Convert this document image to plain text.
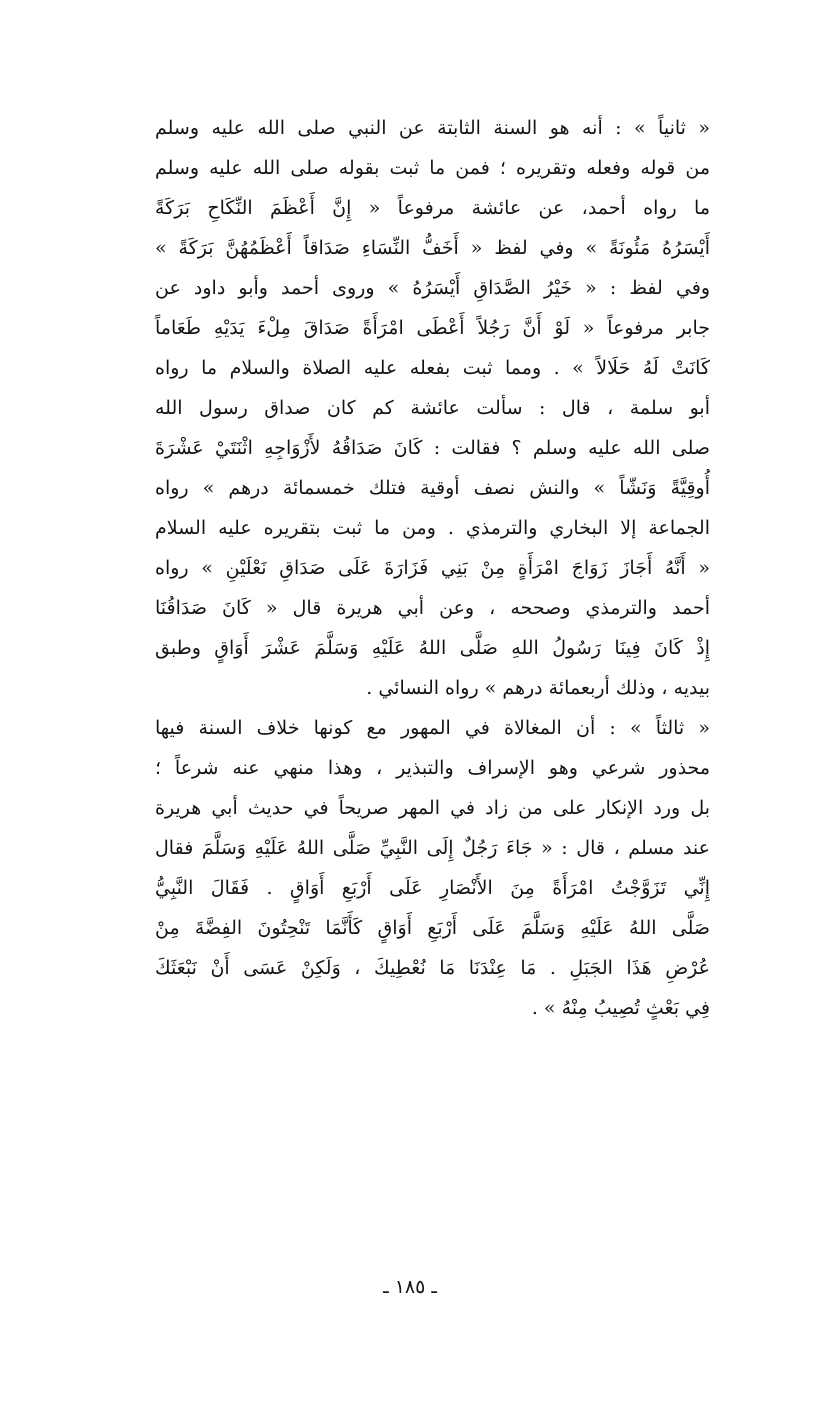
« ثانياً » : أنه هو السنة الثابتة عن النبي صلى الله عليه وسلم
من قوله وفعله وتقريره ؛ فمن ما ثبت بقوله صلى الله عليه وسلم
ما رواه أحمد، عن عائشة مرفوعاً « إِنَّ أَعْظَمَ النِّكَاحِ بَرَكَةً
أَيْسَرُهُ مَئُونَةً » وفي لفظ « أَخَفُّ النِّسَاءِ صَدَاقاً أَعْظَمُهُنَّ بَرَكَةً »
وفي لفظ : « خَيْرُ الصَّدَاقِ أَيْسَرُهُ » وروى أحمد وأبو داود عن
جابر مرفوعاً « لَوْ أَنَّ رَجُلاً أَعْطَى امْرَأَةً صَدَاقَ مِلْءَ يَدَيْهِ طَعَاماً
كَانَتْ لَهُ حَلَالاً » . ومما ثبت بفعله عليه الصلاة والسلام ما رواه
أبو سلمة ، قال : سألت عائشة كم كان صداق رسول الله
صلى الله عليه وسلم ؟ فقالت : كَانَ صَدَاقُهُ لأَزْوَاجِهِ اثْنَتَيْ عَشْرَةَ
أُوقِيَّةً وَنَشّاً » والنش نصف أوقية فتلك خمسمائة درهم » رواه
الجماعة إلا البخاري والترمذي . ومن ما ثبت بتقريره عليه السلام
« أَنَّهُ أَجَازَ زَوَاجَ امْرَأَةٍ مِنْ بَنِي فَزَارَةَ عَلَى صَدَاقِ نَعْلَيْنِ » رواه
أحمد والترمذي وصححه ، وعن أبي هريرة قال « كَانَ صَدَاقُنَا
إِذْ كَانَ فِينَا رَسُولُ اللهِ صَلَّى اللهُ عَلَيْهِ وَسَلَّمَ عَشْرَ أَوَاقٍ وطبق
بيديه ، وذلك أربعمائة درهم » رواه النسائي .
« ثالثاً » : أن المغالاة في المهور مع كونها خلاف السنة فيها
محذور شرعي وهو الإسراف والتبذير ، وهذا منهي عنه شرعاً ؛
بل ورد الإنكار على من زاد في المهر صريحاً في حديث أبي هريرة
عند مسلم ، قال : « جَاءَ رَجُلٌ إِلَى النَّبِيِّ صَلَّى اللهُ عَلَيْهِ وَسَلَّمَ فقال
إِنِّي تَزَوَّجْتُ امْرَأَةً مِنَ الأَنْصَارِ عَلَى أَرْبَعِ أَوَاقٍ . فَقَالَ النَّبِيُّ
صَلَّى اللهُ عَلَيْهِ وَسَلَّمَ عَلَى أَرْبَعِ أَوَاقٍ كَأَنَّمَا تَنْحِتُونَ الفِضَّةَ مِنْ
عُرْضِ هَذَا الجَبَلِ . مَا عِنْدَنَا مَا نُعْطِيكَ ، وَلَكِنْ عَسَى أَنْ نَبْعَثَكَ
فِي بَعْثٍ تُصِيبُ مِنْهُ » .
ـ ١٨٥ ـ
